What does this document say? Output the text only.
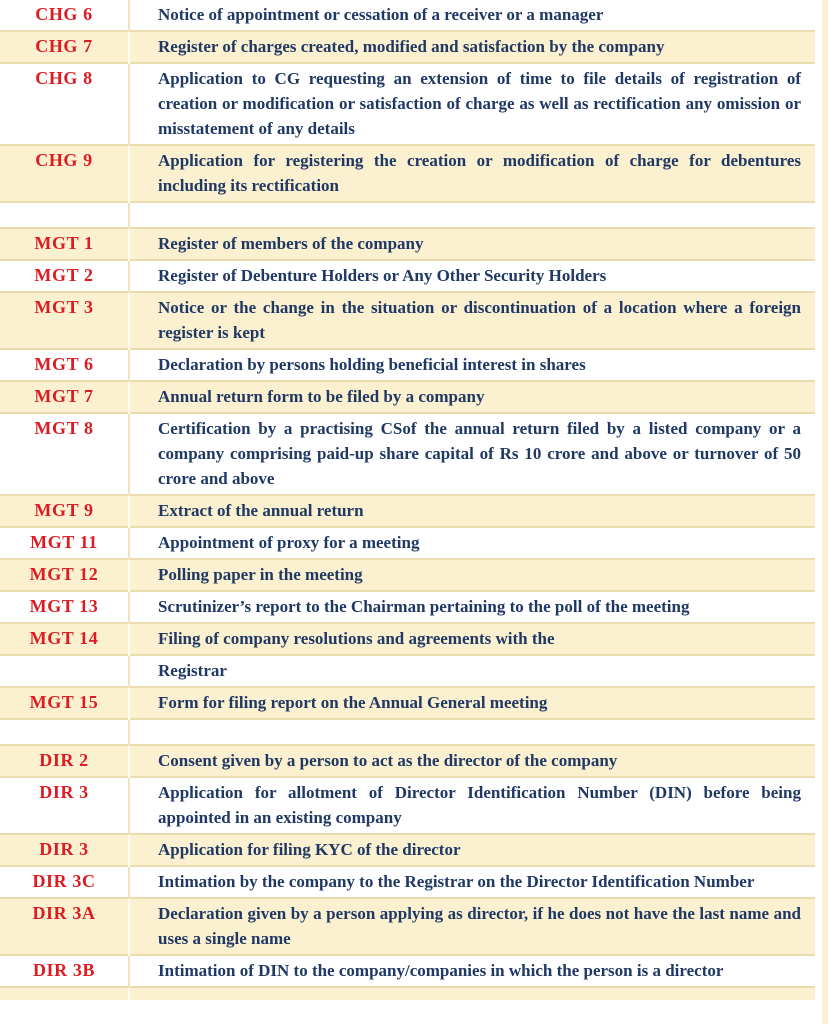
CHG 6	Notice of appointment or cessation of a receiver or a manager
CHG 7	Register of charges created, modified and satisfaction by the company
CHG 8	Application to CG requesting an extension of time to file details of registration of creation or modification or satisfaction of charge as well as rectification any omission or misstatement of any details
CHG 9	Application for registering the creation or modification of charge for debentures including its rectification

MGT 1	Register of members of the company
MGT 2	Register of Debenture Holders or Any Other Security Holders
MGT 3	Notice or the change in the situation or discontinuation of a location where a foreign register is kept
MGT 6	Declaration by persons holding beneficial interest in shares
MGT 7	Annual return form to be filed by a company
MGT 8	Certification by a practising CSof the annual return filed by a listed company or a company comprising paid-up share capital of Rs 10 crore and above or turnover of 50 crore and above
MGT 9	Extract of the annual return
MGT 11	Appointment of proxy for a meeting
MGT 12	Polling paper in the meeting
MGT 13	Scrutinizer’s report to the Chairman pertaining to the poll of the meeting
MGT 14	Filing of company resolutions and agreements with the
	Registrar
MGT 15	Form for filing report on the Annual General meeting

DIR 2	Consent given by a person to act as the director of the company
DIR 3	Application for allotment of Director Identification Number (DIN) before being appointed in an existing company
DIR 3	Application for filing KYC of the director
DIR 3C	Intimation by the company to the Registrar on the Director Identification Number
DIR 3A	Declaration given by a person applying as director, if he does not have the last name and uses a single name
DIR 3B	Intimation of DIN to the company/companies in which the person is a director
